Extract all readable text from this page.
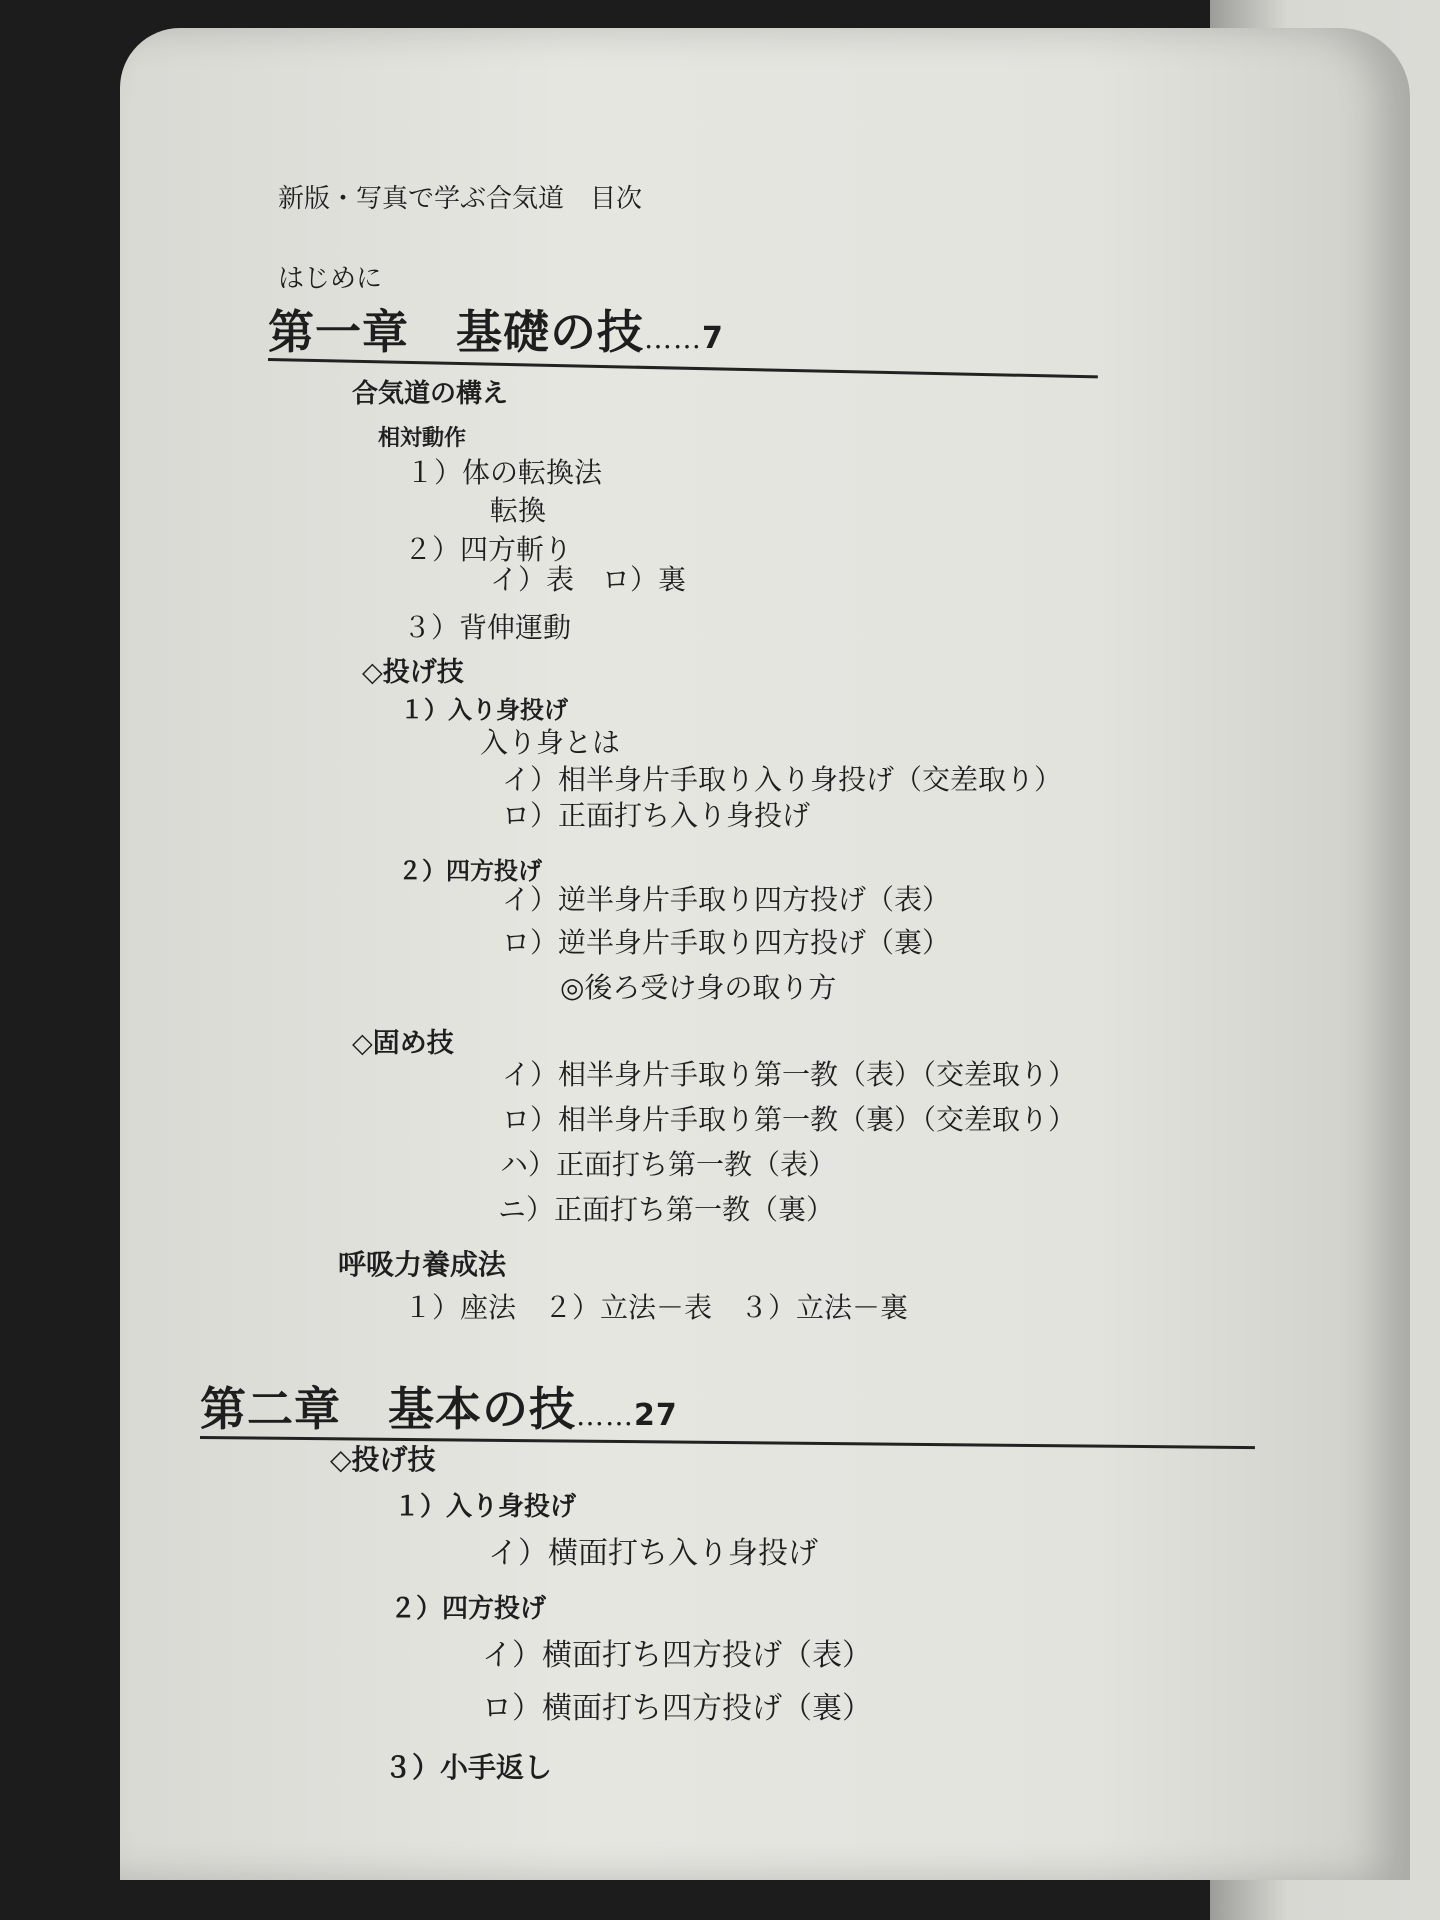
新版・写真で学ぶ合気道　目次
はじめに
第一章　基礎の技……7
合気道の構え
相対動作
１）体の転換法
転換
２）四方斬り
イ）表　ロ）裏
３）背伸運動
◇投げ技
１）入り身投げ
入り身とは
イ）相半身片手取り入り身投げ（交差取り）
ロ）正面打ち入り身投げ
２）四方投げ
イ）逆半身片手取り四方投げ（表）
ロ）逆半身片手取り四方投げ（裏）
◎後ろ受け身の取り方
◇固め技
イ）相半身片手取り第一教（表）（交差取り）
ロ）相半身片手取り第一教（裏）（交差取り）
ハ）正面打ち第一教（表）
ニ）正面打ち第一教（裏）
呼吸力養成法
１）座法　２）立法－表　３）立法－裏
第二章　基本の技……27
◇投げ技
１）入り身投げ
イ）横面打ち入り身投げ
２）四方投げ
イ）横面打ち四方投げ（表）
ロ）横面打ち四方投げ（裏）
３）小手返し
